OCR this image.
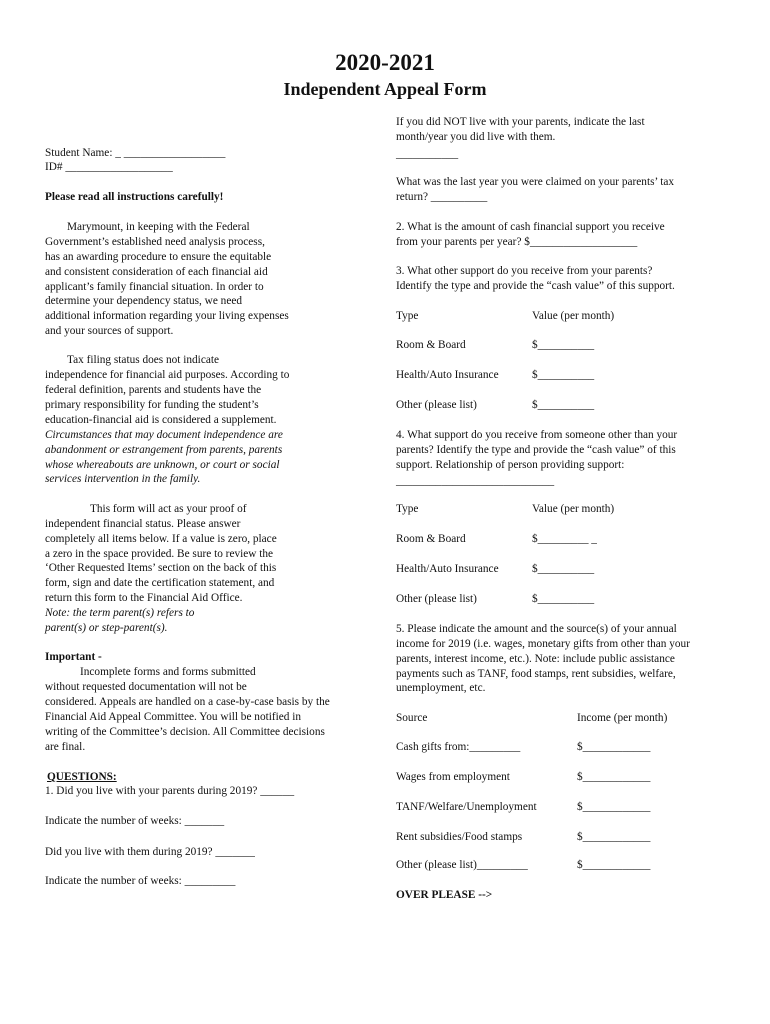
2020-2021
Independent Appeal Form
Student Name: _ __________________
ID# ___________________
Please read all instructions carefully!
Marymount, in keeping with the Federal
Government’s established need analysis process,
has an awarding procedure to ensure the equitable
and consistent consideration of each financial aid
applicant’s family financial situation. In order to
determine your dependency status, we need
additional information regarding your living expenses
and your sources of support.
Tax filing status does not indicate
independence for financial aid purposes. According to
federal definition, parents and students have the
primary responsibility for funding the student’s
education-financial aid is considered a supplement.
Circumstances that may document independence are
abandonment or estrangement from parents, parents
whose whereabouts are unknown, or court or social
services intervention in the family.
This form will act as your proof of
independent financial status. Please answer
completely all items below. If a value is zero, place
a zero in the space provided. Be sure to review the
‘Other Requested Items’ section on the back of this
form, sign and date the certification statement, and
return this form to the Financial Aid Office.
Note: the term parent(s) refers to
parent(s) or step-parent(s).
Important -
Incomplete forms and forms submitted
without requested documentation will not be
considered. Appeals are handled on a case-by-case basis by the
Financial Aid Appeal Committee. You will be notified in
writing of the Committee’s decision. All Committee decisions
are final.
QUESTIONS:
1. Did you live with your parents during 2019? ______
Indicate the number of weeks: _______
Did you live with them during 2019? _______
Indicate the number of weeks: _________
If you did NOT live with your parents, indicate the last
month/year you did live with them.
___________
What was the last year you were claimed on your parents’ tax
return? __________
2. What is the amount of cash financial support you receive
from your parents per year? $___________________
3. What other support do you receive from your parents?
Identify the type and provide the “cash value” of this support.
Type	Value (per month)
Room & Board	$__________
Health/Auto Insurance	$__________
Other (please list)	$__________
4. What support do you receive from someone other than your
parents? Identify the type and provide the “cash value” of this
support. Relationship of person providing support:
____________________________
Type	Value (per month)
Room & Board	$_________ _
Health/Auto Insurance	$__________
Other (please list)	$__________
5. Please indicate the amount and the source(s) of your annual
income for 2019 (i.e. wages, monetary gifts from other than your
parents, interest income, etc.). Note: include public assistance
payments such as TANF, food stamps, rent subsidies, welfare,
unemployment, etc.
Source	Income (per month)
Cash gifts from:_________	$____________
Wages from employment	$____________
TANF/Welfare/Unemployment	$____________
Rent subsidies/Food stamps	$____________
Other (please list)_________	$____________
OVER PLEASE -->
